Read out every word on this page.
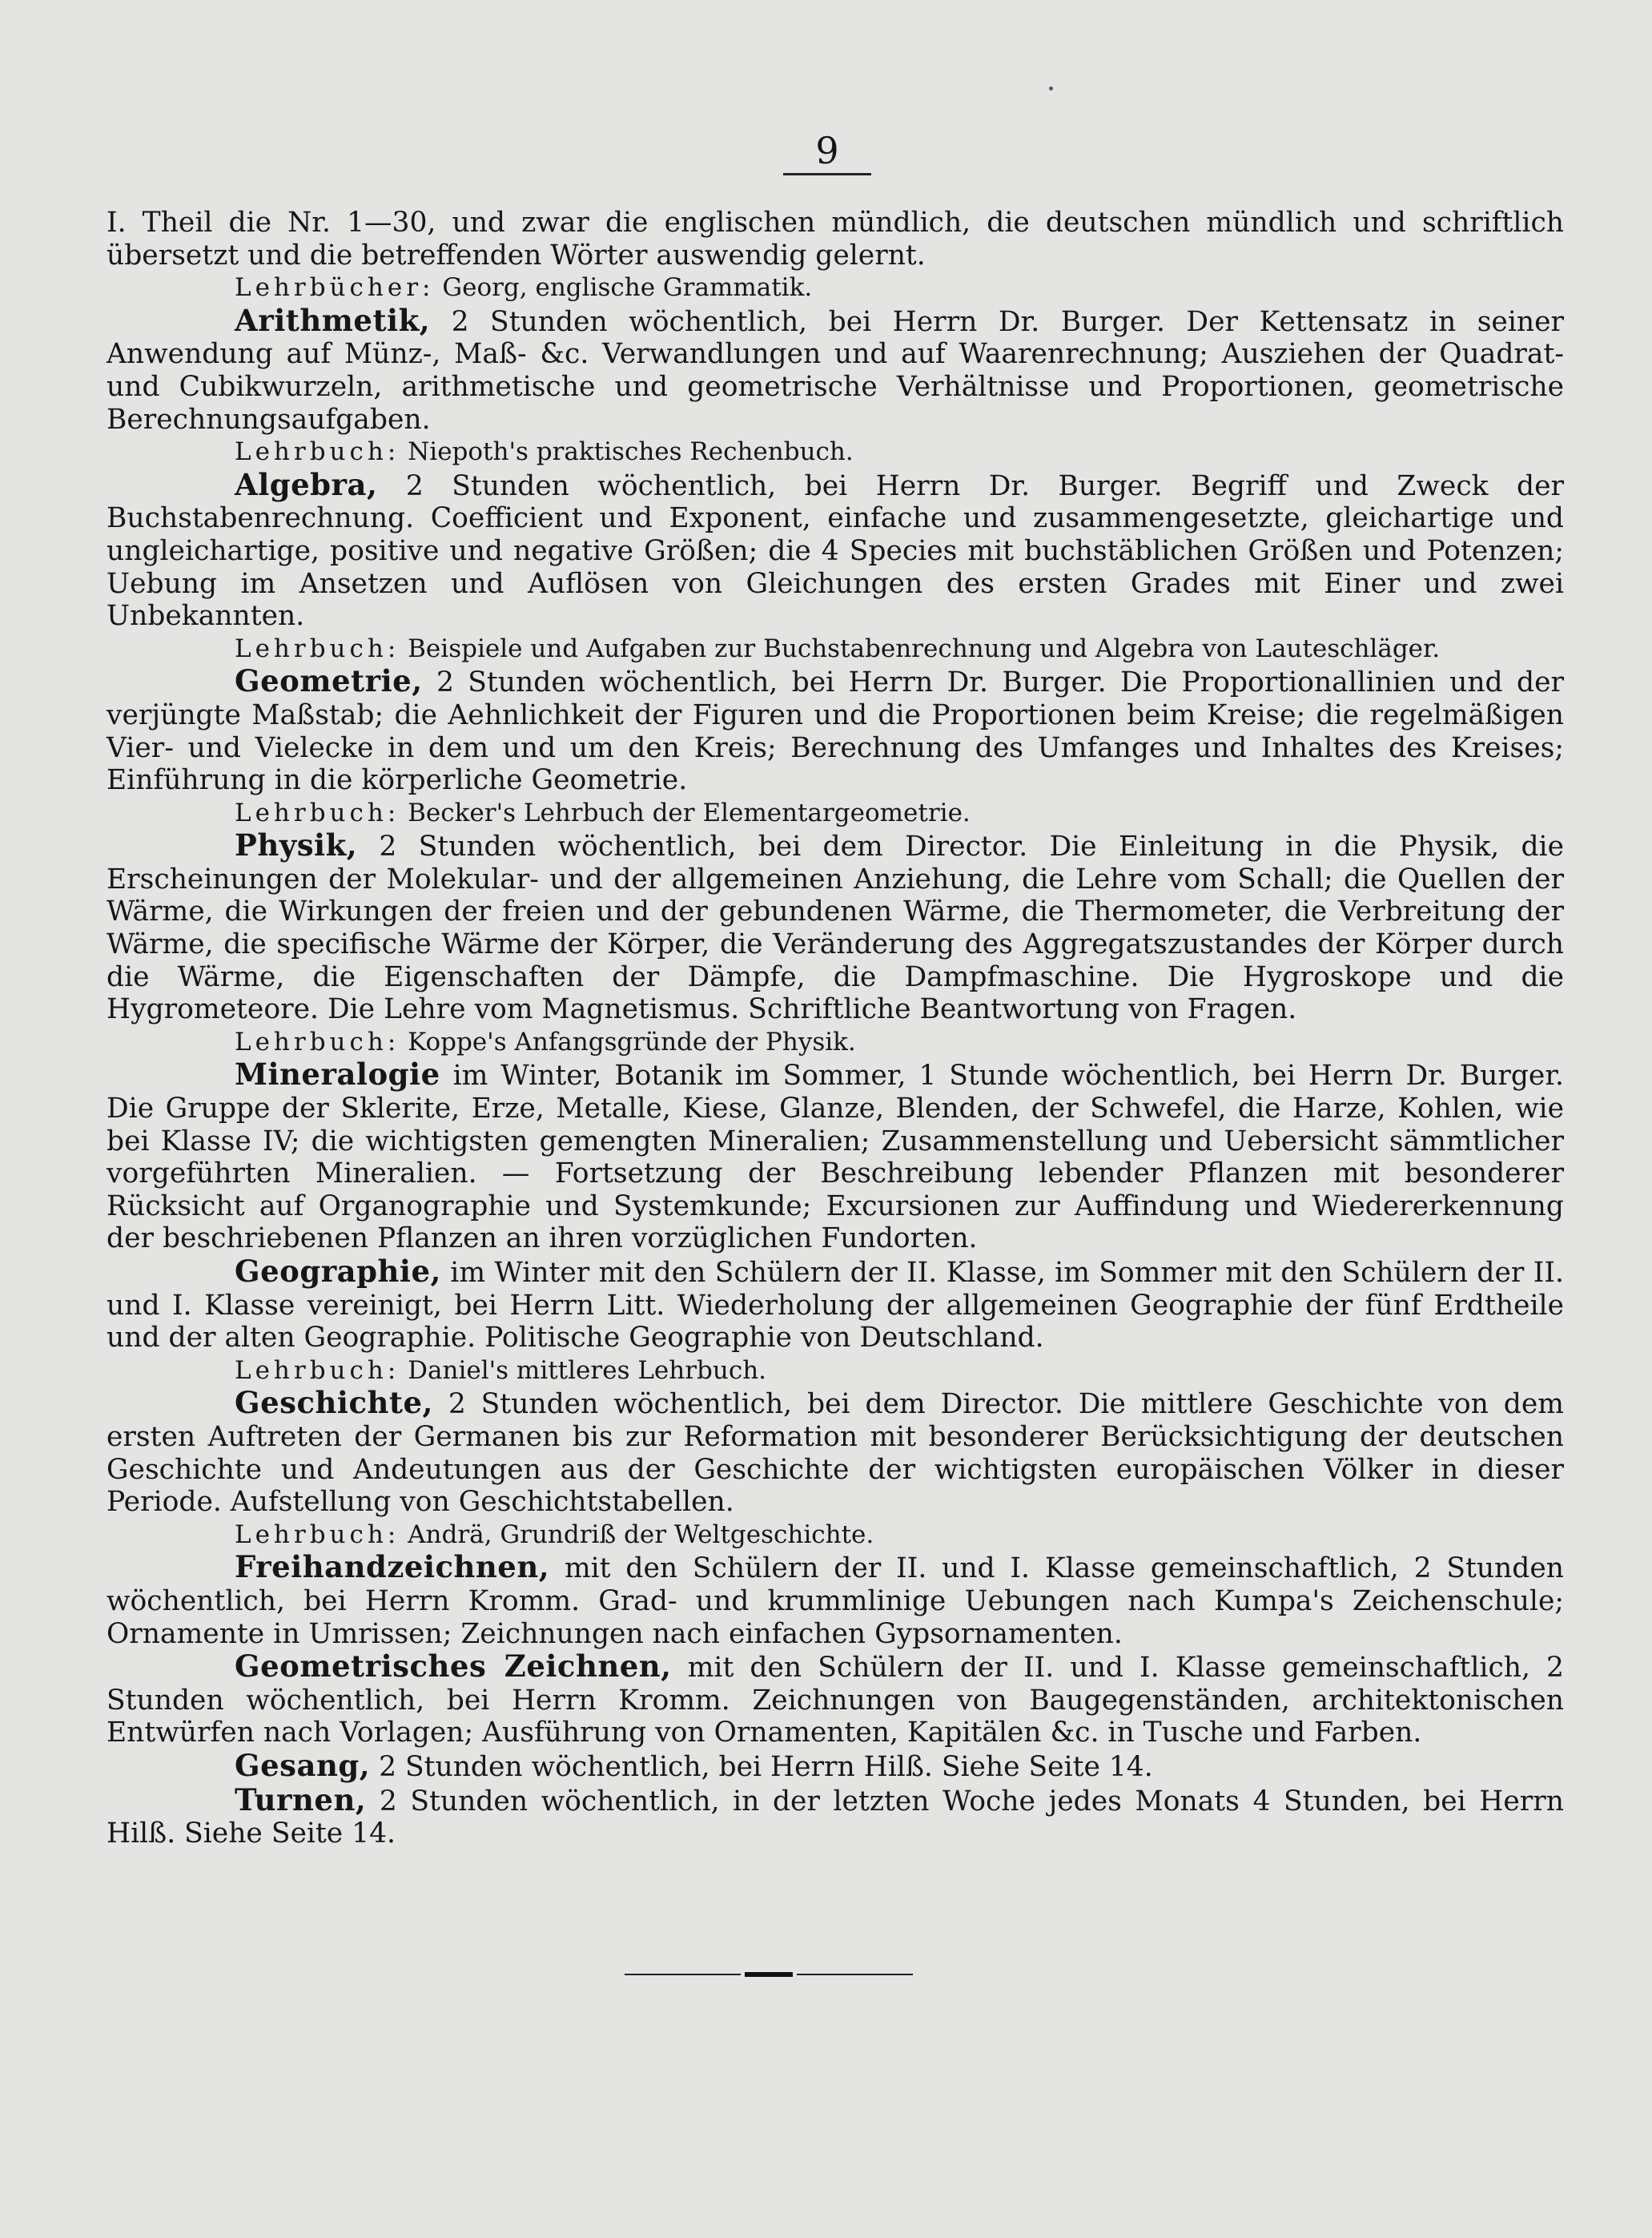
9

I. Theil die Nr. 1—30, und zwar die englischen mündlich, die deutschen mündlich und schriftlich übersetzt und die betreffenden Wörter auswendig gelernt.

Lehrbücher: Georg, englische Grammatik.

Arithmetik, 2 Stunden wöchentlich, bei Herrn Dr. Burger. Der Kettensatz in seiner Anwendung auf Münz-, Maß- &c. Verwandlungen und auf Waarenrechnung; Ausziehen der Quadrat- und Cubikwurzeln, arithmetische und geometrische Verhältnisse und Proportionen, geometrische Berechnungsaufgaben.

Lehrbuch: Niepoth's praktisches Rechenbuch.

Algebra, 2 Stunden wöchentlich, bei Herrn Dr. Burger. Begriff und Zweck der Buchstabenrechnung. Coefficient und Exponent, einfache und zusammengesetzte, gleichartige und ungleichartige, positive und negative Größen; die 4 Species mit buchstäblichen Größen und Potenzen; Uebung im Ansetzen und Auflösen von Gleichungen des ersten Grades mit Einer und zwei Unbekannten.

Lehrbuch: Beispiele und Aufgaben zur Buchstabenrechnung und Algebra von Lauteschläger.

Geometrie, 2 Stunden wöchentlich, bei Herrn Dr. Burger. Die Proportionallinien und der verjüngte Maßstab; die Aehnlichkeit der Figuren und die Proportionen beim Kreise; die regelmäßigen Vier- und Vielecke in dem und um den Kreis; Berechnung des Umfanges und Inhaltes des Kreises; Einführung in die körperliche Geometrie.

Lehrbuch: Becker's Lehrbuch der Elementargeometrie.

Physik, 2 Stunden wöchentlich, bei dem Director. Die Einleitung in die Physik, die Erscheinungen der Molekular- und der allgemeinen Anziehung, die Lehre vom Schall; die Quellen der Wärme, die Wirkungen der freien und der gebundenen Wärme, die Thermometer, die Verbreitung der Wärme, die specifische Wärme der Körper, die Veränderung des Aggregatszustandes der Körper durch die Wärme, die Eigenschaften der Dämpfe, die Dampfmaschine. Die Hygroskope und die Hygrometeore. Die Lehre vom Magnetismus. Schriftliche Beantwortung von Fragen.

Lehrbuch: Koppe's Anfangsgründe der Physik.

Mineralogie im Winter, Botanik im Sommer, 1 Stunde wöchentlich, bei Herrn Dr. Burger. Die Gruppe der Sklerite, Erze, Metalle, Kiese, Glanze, Blenden, der Schwefel, die Harze, Kohlen, wie bei Klasse IV; die wichtigsten gemengten Mineralien; Zusammenstellung und Uebersicht sämmtlicher vorgeführten Mineralien. — Fortsetzung der Beschreibung lebender Pflanzen mit besonderer Rücksicht auf Organographie und Systemkunde; Excursionen zur Auffindung und Wiedererkennung der beschriebenen Pflanzen an ihren vorzüglichen Fundorten.

Geographie, im Winter mit den Schülern der II. Klasse, im Sommer mit den Schülern der II. und I. Klasse vereinigt, bei Herrn Litt. Wiederholung der allgemeinen Geographie der fünf Erdtheile und der alten Geographie. Politische Geographie von Deutschland.

Lehrbuch: Daniel's mittleres Lehrbuch.

Geschichte, 2 Stunden wöchentlich, bei dem Director. Die mittlere Geschichte von dem ersten Auftreten der Germanen bis zur Reformation mit besonderer Berücksichtigung der deutschen Geschichte und Andeutungen aus der Geschichte der wichtigsten europäischen Völker in dieser Periode. Aufstellung von Geschichtstabellen.

Lehrbuch: Andrä, Grundriß der Weltgeschichte.

Freihandzeichnen, mit den Schülern der II. und I. Klasse gemeinschaftlich, 2 Stunden wöchentlich, bei Herrn Kromm. Grad- und krummlinige Uebungen nach Kumpa's Zeichenschule; Ornamente in Umrissen; Zeichnungen nach einfachen Gypsornamenten.

Geometrisches Zeichnen, mit den Schülern der II. und I. Klasse gemeinschaftlich, 2 Stunden wöchentlich, bei Herrn Kromm. Zeichnungen von Baugegenständen, architektonischen Entwürfen nach Vorlagen; Ausführung von Ornamenten, Kapitälen &c. in Tusche und Farben.

Gesang, 2 Stunden wöchentlich, bei Herrn Hilß. Siehe Seite 14.

Turnen, 2 Stunden wöchentlich, in der letzten Woche jedes Monats 4 Stunden, bei Herrn Hilß. Siehe Seite 14.
